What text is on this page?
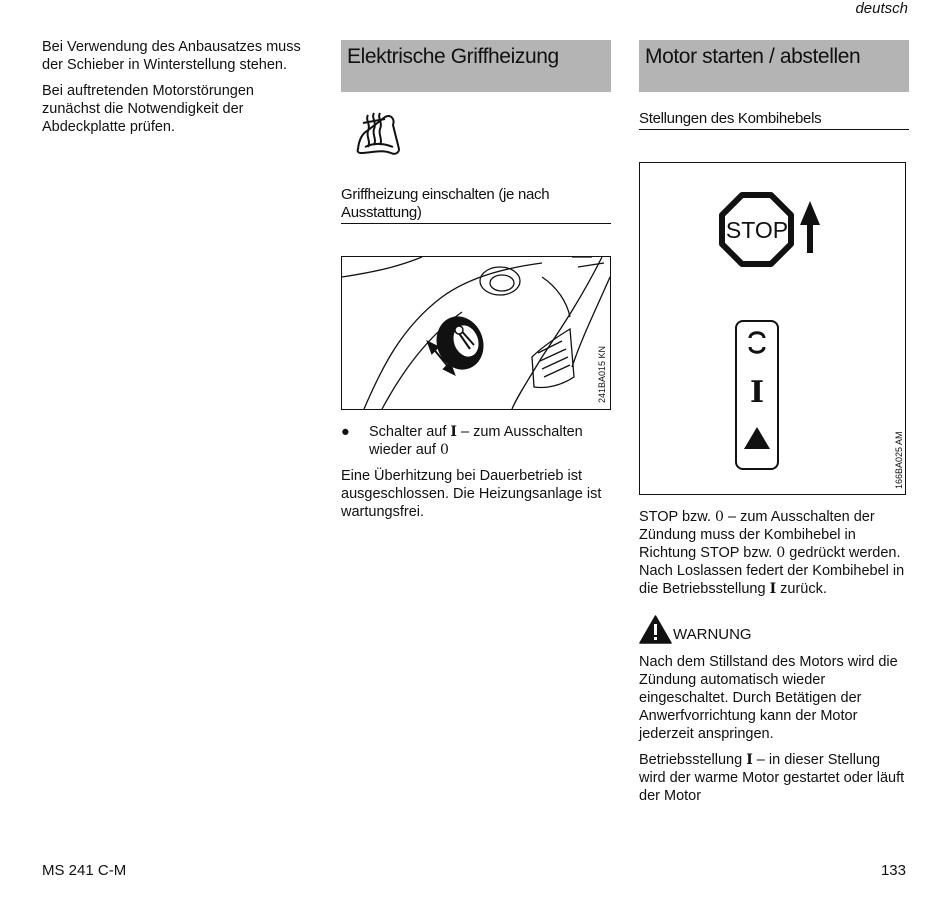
deutsch

Bei Verwendung des Anbausatzes muss der Schieber in Winterstellung stehen.

Bei auftretenden Motorstörungen zunächst die Notwendigkeit der Abdeckplatte prüfen.

Elektrische Griffheizung
Griffheizung einschalten (je nach Ausstattung)
241BA015 KN
● Schalter auf I – zum Ausschalten wieder auf 0

Eine Überhitzung bei Dauerbetrieb ist ausgeschlossen. Die Heizungsanlage ist wartungsfrei.

Motor starten / abstellen
Stellungen des Kombihebels
STOP
I
166BA025 AM

STOP bzw. 0 – zum Ausschalten der Zündung muss der Kombihebel in Richtung STOP bzw. 0 gedrückt werden. Nach Loslassen federt der Kombihebel in die Betriebsstellung I zurück.

WARNUNG

Nach dem Stillstand des Motors wird die Zündung automatisch wieder eingeschaltet. Durch Betätigen der Anwerfvorrichtung kann der Motor jederzeit anspringen.

Betriebsstellung I – in dieser Stellung wird der warme Motor gestartet oder läuft der Motor

MS 241 C-M	133
